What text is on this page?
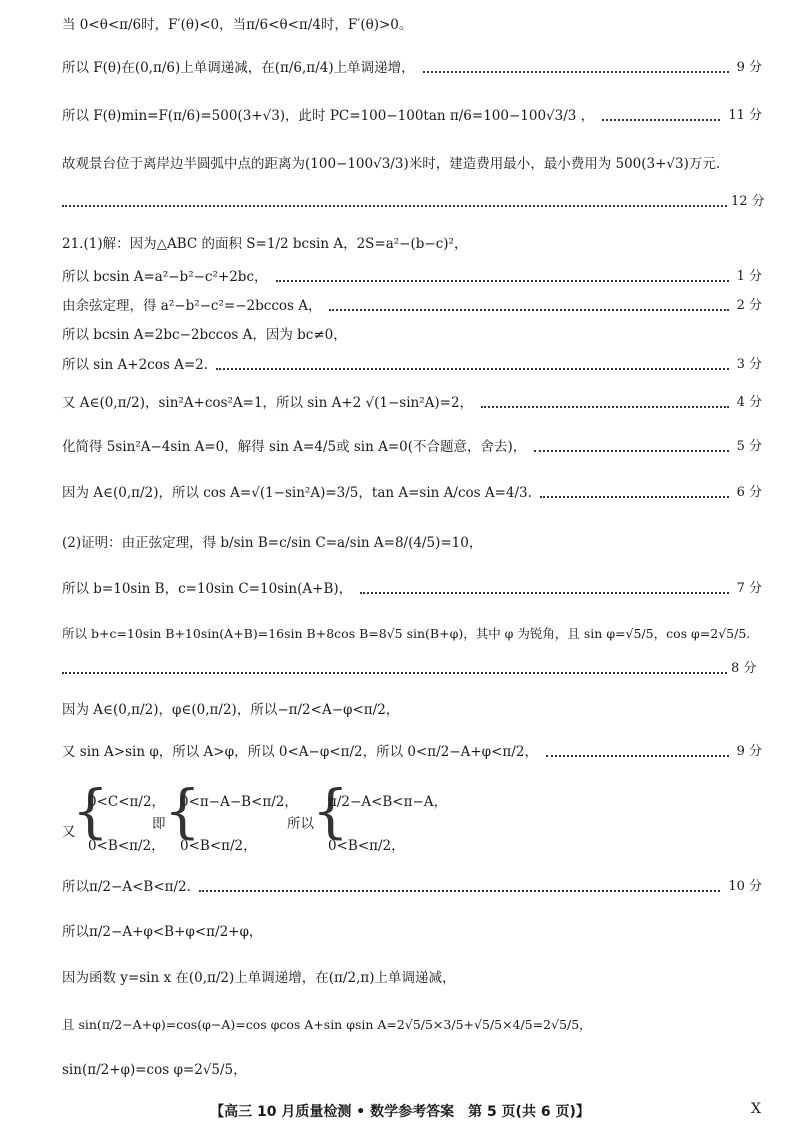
当 0<θ<π/6时，F′(θ)<0，当π/6<θ<π/4时，F′(θ)>0。
所以 F(θ)在(0,π/6)上单调递减，在(π/6,π/4)上单调递增，	9 分
所以 F(θ)min=F(π/6)=500(3+√3)，此时 PC=100−100tan π/6=100−100√3/3 ，	11 分
故观景台位于离岸边半圆弧中点的距离为(100−100√3/3)米时，建造费用最小，最小费用为 500(3+√3)万元.
12 分
21.(1)解：因为△ABC 的面积 S=1/2 bcsin A，2S=a²−(b−c)²，
所以 bcsin A=a²−b²−c²+2bc，	1 分
由余弦定理，得 a²−b²−c²=−2bccos A，	2 分
所以 bcsin A=2bc−2bccos A，因为 bc≠0，
所以 sin A+2cos A=2.	3 分
又 A∈(0,π/2)，sin²A+cos²A=1，所以 sin A+2 √(1−sin²A)=2，	4 分
化简得 5sin²A−4sin A=0，解得 sin A=4/5或 sin A=0(不合题意，舍去)，	5 分
因为 A∈(0,π/2)，所以 cos A=√(1−sin²A)=3/5，tan A=sin A/cos A=4/3.	6 分
(2)证明：由正弦定理，得 b/sin B=c/sin C=a/sin A=8/(4/5)=10，
所以 b=10sin B，c=10sin C=10sin(A+B)，	7 分
所以 b+c=10sin B+10sin(A+B)=16sin B+8cos B=8√5 sin(B+φ)，其中 φ 为锐角，且 sin φ=√5/5，cos φ=2√5/5.
8 分
因为 A∈(0,π/2)，φ∈(0,π/2)，所以−π/2<A−φ<π/2，
又 sin A>sin φ，所以 A>φ，所以 0<A−φ<π/2，所以 0<π/2−A+φ<π/2，	9 分
又
{
0<C<π/2，
0<B<π/2，
即
{
0<π−A−B<π/2，
0<B<π/2，
所以
{
π/2−A<B<π−A，
0<B<π/2，
所以π/2−A<B<π/2.	10 分
所以π/2−A+φ<B+φ<π/2+φ，
因为函数 y=sin x 在(0,π/2)上单调递增，在(π/2,π)上单调递减，
且 sin(π/2−A+φ)=cos(φ−A)=cos φcos A+sin φsin A=2√5/5×3/5+√5/5×4/5=2√5/5，
sin(π/2+φ)=cos φ=2√5/5，
【高三 10 月质量检测 • 数学参考答案　第 5 页(共 6 页)】	X
